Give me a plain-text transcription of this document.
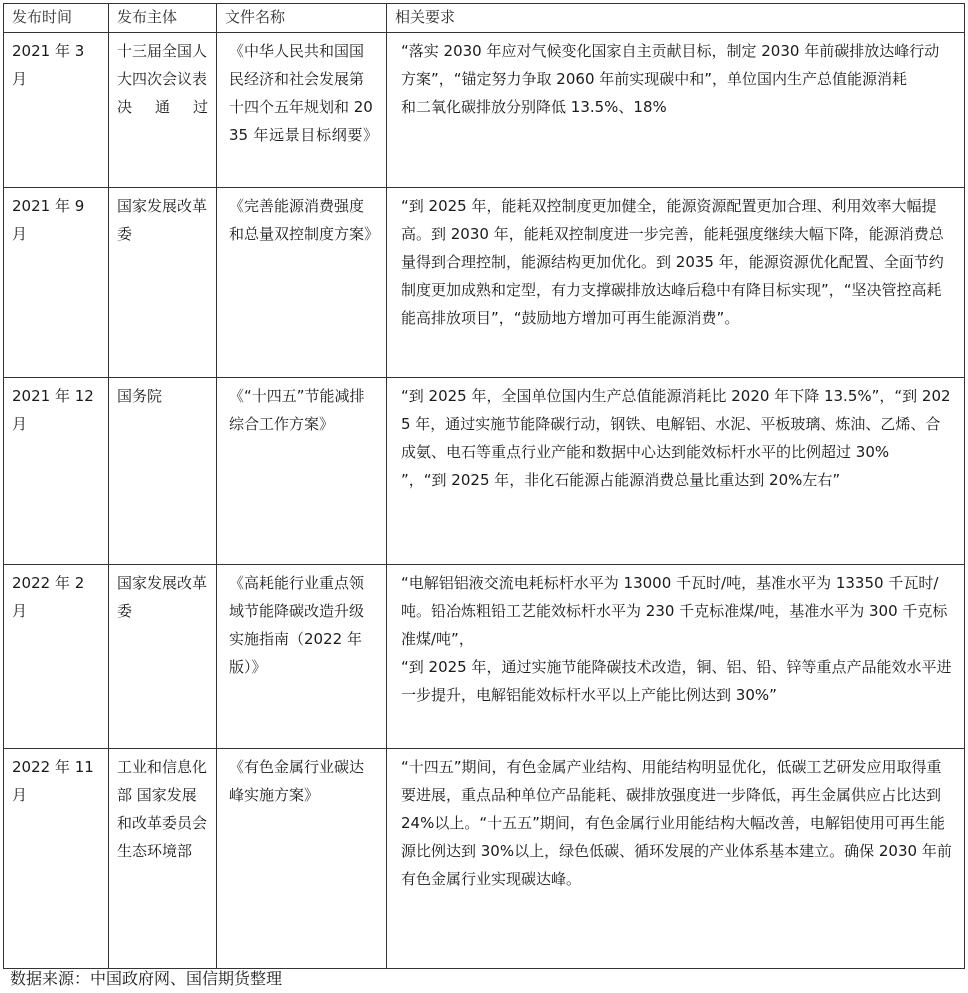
发布时间	发布主体	文件名称	相关要求
2021 年 3 月	十三届全国人大四次会议表决通过	《中华人民共和国国民经济和社会发展第十四个五年规划和 2035 年远景目标纲要》	“落实 2030 年应对气候变化国家自主贡献目标，制定 2030 年前碳排放达峰行动方案”，“锚定努力争取 2060 年前实现碳中和”，单位国内生产总值能源消耗
和二氧化碳排放分别降低 13.5%、18%

2021 年 9 月	国家发展改革委	《完善能源消费强度和总量双控制度方案》	“到 2025 年，能耗双控制度更加健全，能源资源配置更加合理、利用效率大幅提高。到 2030 年，能耗双控制度进一步完善，能耗强度继续大幅下降，能源消费总量得到合理控制，能源结构更加优化。到 2035 年，能源资源优化配置、全面节约制度更加成熟和定型，有力支撑碳排放达峰后稳中有降目标实现”，“坚决管控高耗能高排放项目”，“鼓励地方增加可再生能源消费”。

2021 年 12 月	国务院	《“十四五”节能减排综合工作方案》	“到 2025 年，全国单位国内生产总值能源消耗比 2020 年下降 13.5%”，“到 2025 年，通过实施节能降碳行动，钢铁、电解铝、水泥、平板玻璃、炼油、乙烯、合成氨、电石等重点行业产能和数据中心达到能效标杆水平的比例超过 30%
”，“到 2025 年，非化石能源占能源消费总量比重达到 20%左右”

2022 年 2 月	国家发展改革委	《高耗能行业重点领域节能降碳改造升级实施指南（2022 年版）》	“电解铝铝液交流电耗标杆水平为 13000 千瓦时/吨，基准水平为 13350 千瓦时/吨。铅冶炼粗铅工艺能效标杆水平为 230 千克标准煤/吨，基准水平为 300 千克标准煤/吨”，
“到 2025 年，通过实施节能降碳技术改造，铜、铝、铅、锌等重点产品能效水平进一步提升，电解铝能效标杆水平以上产能比例达到 30%”

2022 年 11 月	工业和信息化部 国家发展和改革委员会 生态环境部	《有色金属行业碳达峰实施方案》	“十四五”期间，有色金属产业结构、用能结构明显优化，低碳工艺研发应用取得重要进展，重点品种单位产品能耗、碳排放强度进一步降低，再生金属供应占比达到 24%以上。“十五五”期间，有色金属行业用能结构大幅改善，电解铝使用可再生能源比例达到 30%以上，绿色低碳、循环发展的产业体系基本建立。确保 2030 年前有色金属行业实现碳达峰。
数据来源：中国政府网、国信期货整理
